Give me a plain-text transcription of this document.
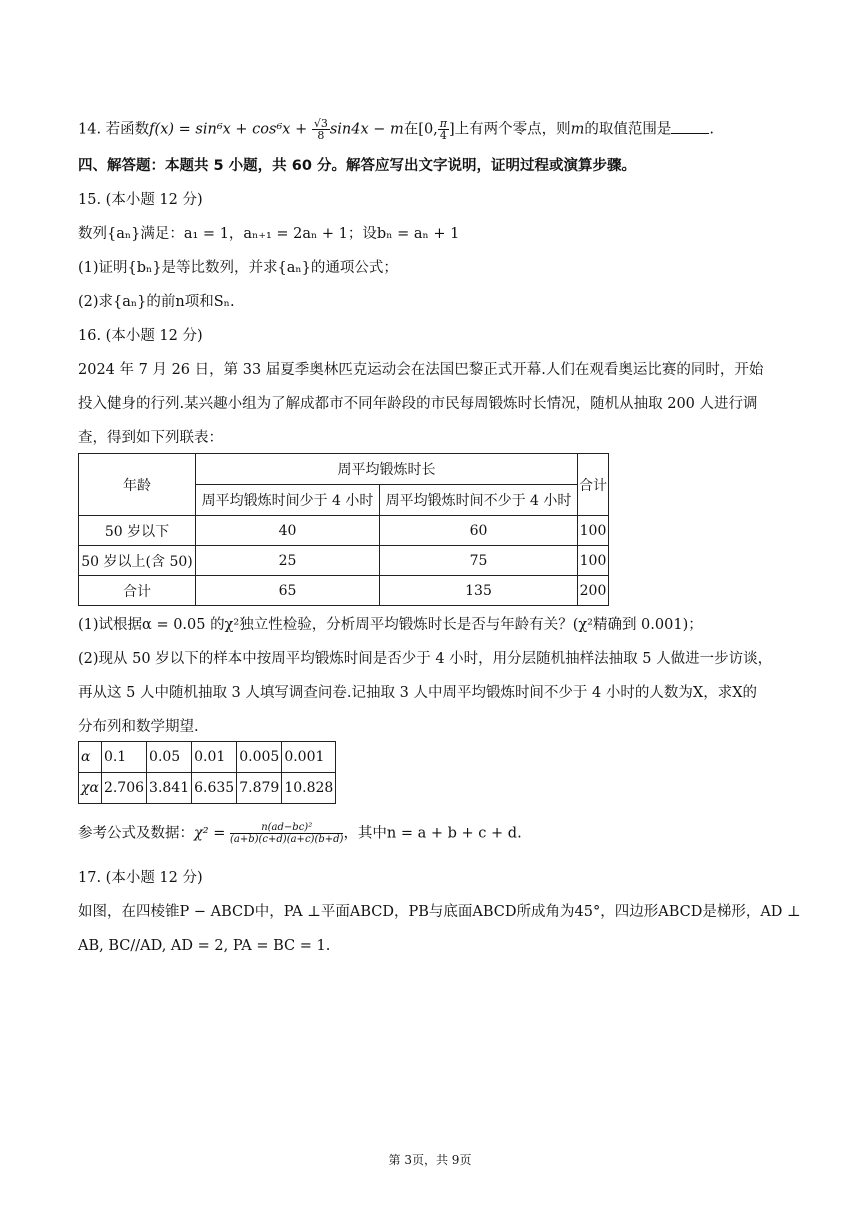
14. 若函数$f(x) = \sin^6x + \cos^6x + \frac{√3}{8} \sin 4x - m$在[0, $\frac{\pi}{4}$ ]上有两个零点，则m的取值范围是	.
四、解答题：本题共 5 小题，共 60 分。解答应写出文字说明，证明过程或演算步骤。
15. (本小题 12 分)
数列{aₙ}满足：a₁ = 1，aₙ₊₁ = 2aₙ + 1；设bₙ = aₙ + 1
(1)证明{bₙ}是等比数列，并求{aₙ}的通项公式；
(2)求{aₙ}的前n项和Sₙ.
16. (本小题 12 分)
2024 年 7 月 26 日，第 33 届夏季奥林匹克运动会在法国巴黎正式开幕.人们在观看奥运比赛的同时，开始
投入健身的行列.某兴趣小组为了解成都市不同年龄段的市民每周锻炼时长情况，随机从抽取 200 人进行调
查，得到如下列联表：
年龄	周平均锻炼时长		合计
	周平均锻炼时间少于 4 小时	周平均锻炼时间不少于 4 小时	
50 岁以下	40	60	100
50 岁以上(含 50)	25	75	100
合计	65	135	200
(1)试根据α = 0.05 的χ²独立性检验，分析周平均锻炼时长是否与年龄有关？(χ²精确到 0.001)；
(2)现从 50 岁以下的样本中按周平均锻炼时间是否少于 4 小时，用分层随机抽样法抽取 5 人做进一步访谈，
再从这 5 人中随机抽取 3 人填写调查问卷.记抽取 3 人中周平均锻炼时间不少于 4 小时的人数为X，求X的
分布列和数学期望.
α	0.1	0.05	0.01	0.005	0.001
χα	2.706	3.841	6.635	7.879	10.828
参考公式及数据：$\chi^2 = \frac{\text{n(ad−bc)²}}{(a+b)(c+d)(a+c)(b+d)}$ ，其中n = a + b + c + d.
17. (本小题 12 分)
如图，在四棱锥P − ABCD中，PA ⊥平面ABCD，PB与底面ABCD所成角为45°，四边形ABCD是梯形，AD ⊥
AB, BC//AD, AD = 2, PA = BC = 1.
第 3页，共 9页
